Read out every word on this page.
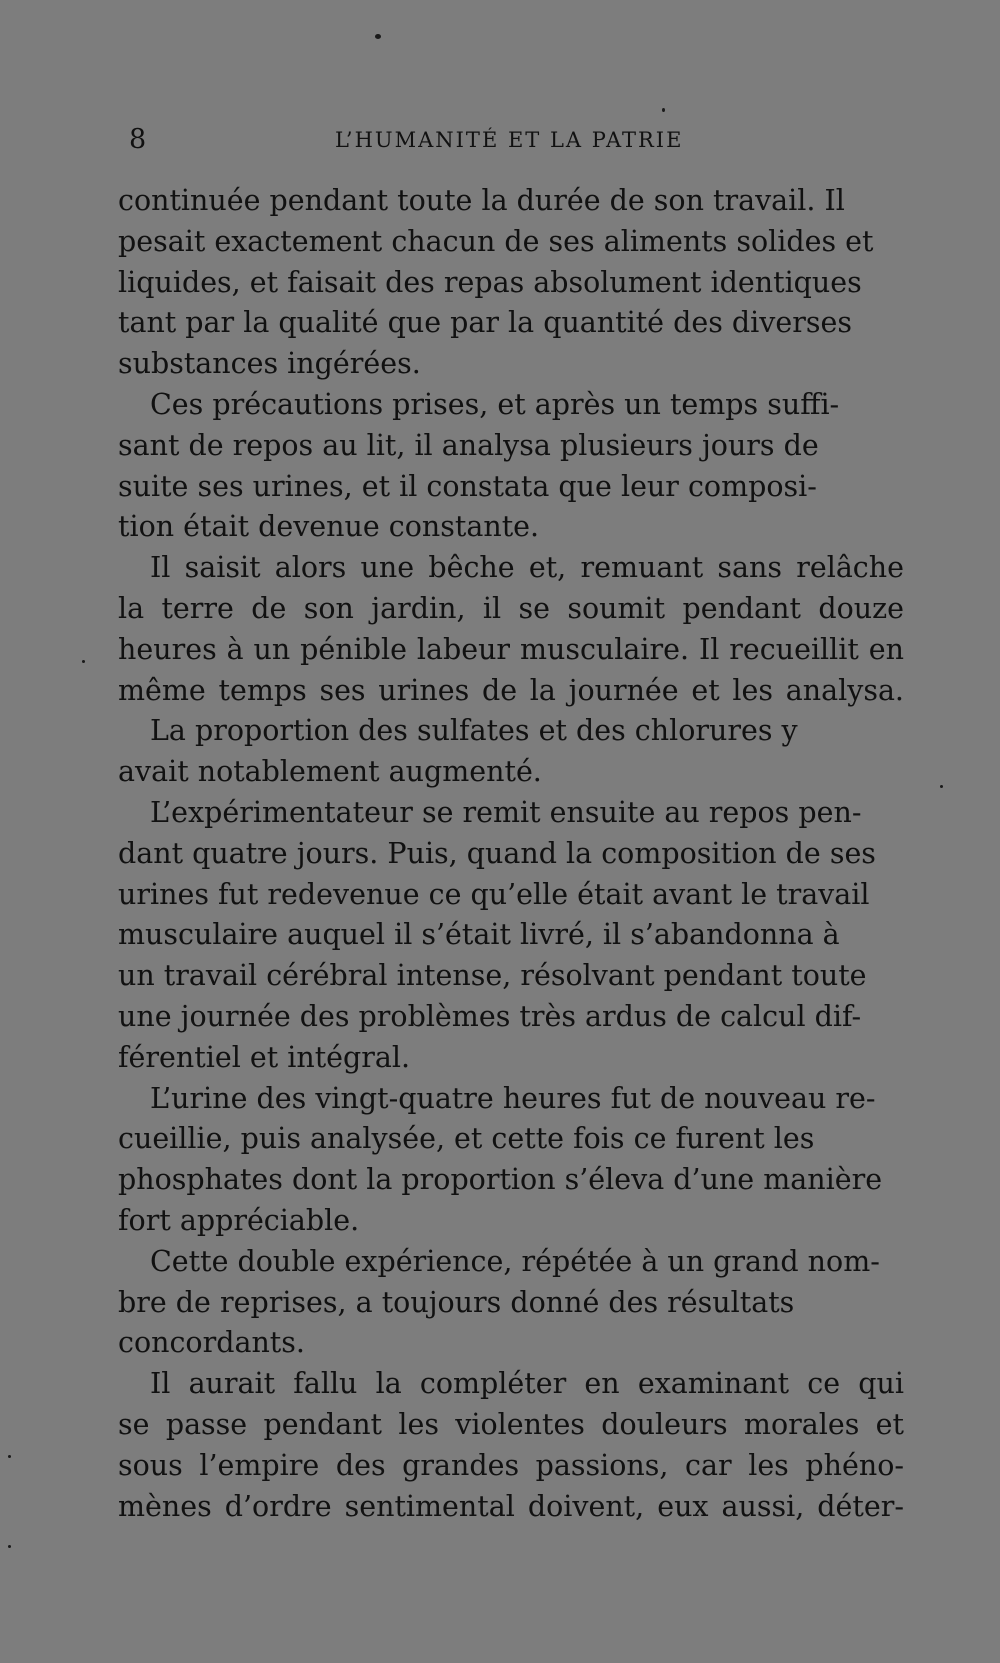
8	L’HUMANITÉ ET LA PATRIE

continuée pendant toute la durée de son travail. Il
pesait exactement chacun de ses aliments solides et
liquides, et faisait des repas absolument identiques
tant par la qualité que par la quantité des diverses
substances ingérées.

Ces précautions prises, et après un temps suffi-
sant de repos au lit, il analysa plusieurs jours de
suite ses urines, et il constata que leur composi-
tion était devenue constante.

Il saisit alors une bêche et, remuant sans relâche
la terre de son jardin, il se soumit pendant douze
heures à un pénible labeur musculaire. Il recueillit en
même temps ses urines de la journée et les analysa.

La proportion des sulfates et des chlorures y
avait notablement augmenté.

L’expérimentateur se remit ensuite au repos pen-
dant quatre jours. Puis, quand la composition de ses
urines fut redevenue ce qu’elle était avant le travail
musculaire auquel il s’était livré, il s’abandonna à
un travail cérébral intense, résolvant pendant toute
une journée des problèmes très ardus de calcul dif-
férentiel et intégral.

L’urine des vingt-quatre heures fut de nouveau re-
cueillie, puis analysée, et cette fois ce furent les
phosphates dont la proportion s’éleva d’une manière
fort appréciable.

Cette double expérience, répétée à un grand nom-
bre de reprises, a toujours donné des résultats
concordants.

Il aurait fallu la compléter en examinant ce qui
se passe pendant les violentes douleurs morales et
sous l’empire des grandes passions, car les phéno-
mènes d’ordre sentimental doivent, eux aussi, déter-
